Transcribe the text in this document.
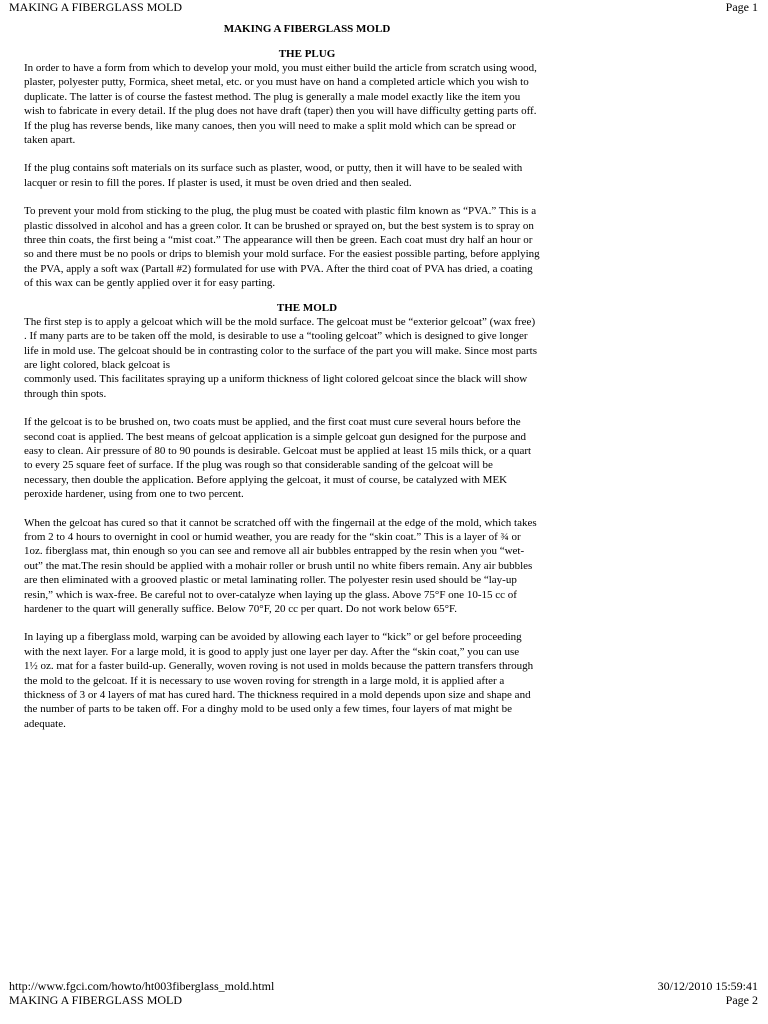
MAKING A FIBERGLASS MOLD	Page 1
MAKING A FIBERGLASS MOLD
THE PLUG
In order to have a form from which to develop your mold, you must either build the article from scratch using wood,
plaster, polyester putty, Formica, sheet metal, etc. or you must have on hand a completed article which you wish to
duplicate. The latter is of course the fastest method. The plug is generally a male model exactly like the item you
wish to fabricate in every detail. If the plug does not have draft (taper) then you will have difficulty getting parts off.
If the plug has reverse bends, like many canoes, then you will need to make a split mold which can be spread or
taken apart.
If the plug contains soft materials on its surface such as plaster, wood, or putty, then it will have to be sealed with
lacquer or resin to fill the pores. If plaster is used, it must be oven dried and then sealed.
To prevent your mold from sticking to the plug, the plug must be coated with plastic film known as “PVA.” This is a
plastic dissolved in alcohol and has a green color. It can be brushed or sprayed on, but the best system is to spray on
three thin coats, the first being a “mist coat.” The appearance will then be green. Each coat must dry half an hour or
so and there must be no pools or drips to blemish your mold surface. For the easiest possible parting, before applying
the PVA, apply a soft wax (Partall #2) formulated for use with PVA. After the third coat of PVA has dried, a coating
of this wax can be gently applied over it for easy parting.
THE MOLD
The first step is to apply a gelcoat which will be the mold surface. The gelcoat must be “exterior gelcoat” (wax free)
. If many parts are to be taken off the mold, is desirable to use a “tooling gelcoat” which is designed to give longer
life in mold use. The gelcoat should be in contrasting color to the surface of the part you will make. Since most parts
are light colored, black gelcoat is
commonly used. This facilitates spraying up a uniform thickness of light colored gelcoat since the black will show
through thin spots.
If the gelcoat is to be brushed on, two coats must be applied, and the first coat must cure several hours before the
second coat is applied. The best means of gelcoat application is a simple gelcoat gun designed for the purpose and
easy to clean. Air pressure of 80 to 90 pounds is desirable. Gelcoat must be applied at least 15 mils thick, or a quart
to every 25 square feet of surface. If the plug was rough so that considerable sanding of the gelcoat will be
necessary, then double the application. Before applying the gelcoat, it must of course, be catalyzed with MEK
peroxide hardener, using from one to two percent.
When the gelcoat has cured so that it cannot be scratched off with the fingernail at the edge of the mold, which takes
from 2 to 4 hours to overnight in cool or humid weather, you are ready for the “skin coat.” This is a layer of ¾ or
1oz. fiberglass mat, thin enough so you can see and remove all air bubbles entrapped by the resin when you “wet-
out” the mat.The resin should be applied with a mohair roller or brush until no white fibers remain. Any air bubbles
are then eliminated with a grooved plastic or metal laminating roller. The polyester resin used should be “lay-up
resin,” which is wax-free. Be careful not to over-catalyze when laying up the glass. Above 75°F one 10-15 cc of
hardener to the quart will generally suffice. Below 70°F, 20 cc per quart. Do not work below 65°F.
In laying up a fiberglass mold, warping can be avoided by allowing each layer to “kick” or gel before proceeding
with the next layer. For a large mold, it is good to apply just one layer per day. After the “skin coat,” you can use
1½ oz. mat for a faster build-up. Generally, woven roving is not used in molds because the pattern transfers through
the mold to the gelcoat. If it is necessary to use woven roving for strength in a large mold, it is applied after a
thickness of 3 or 4 layers of mat has cured hard. The thickness required in a mold depends upon size and shape and
the number of parts to be taken off. For a dinghy mold to be used only a few times, four layers of mat might be
adequate.
http://www.fgci.com/howto/ht003fiberglass_mold.html	30/12/2010 15:59:41
MAKING A FIBERGLASS MOLD	Page 2
